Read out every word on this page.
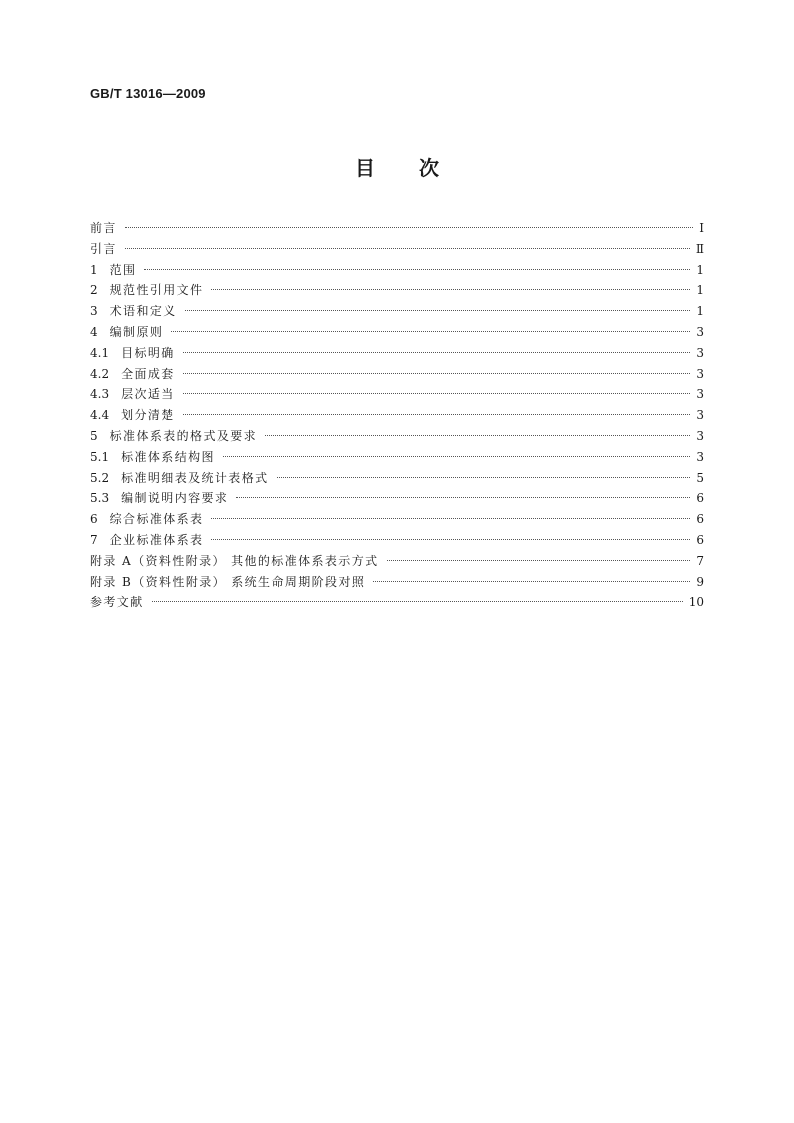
GB/T 13016—2009
目次
前言	Ⅰ
引言	Ⅱ
1 范围	1
2 规范性引用文件	1
3 术语和定义	1
4 编制原则	3
4.1 目标明确	3
4.2 全面成套	3
4.3 层次适当	3
4.4 划分清楚	3
5 标准体系表的格式及要求	3
5.1 标准体系结构图	3
5.2 标准明细表及统计表格式	5
5.3 编制说明内容要求	6
6 综合标准体系表	6
7 企业标准体系表	6
附录 A（资料性附录） 其他的标准体系表示方式	7
附录 B（资料性附录） 系统生命周期阶段对照	9
参考文献	10
